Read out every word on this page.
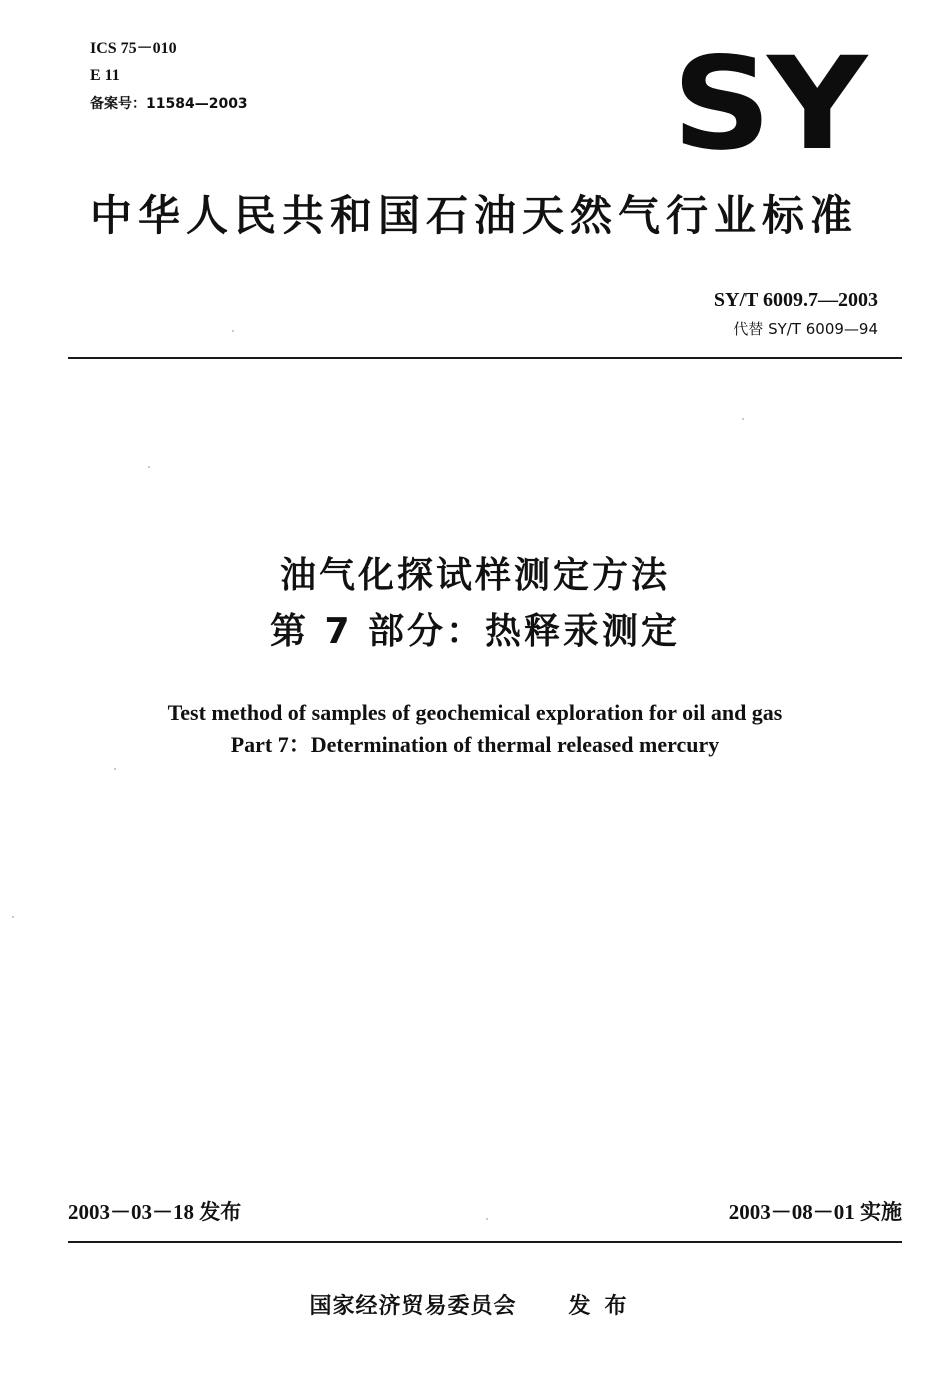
ICS 75－010
E 11
备案号：11584—2003	SY
中华人民共和国石油天然气行业标准
SY/T 6009.7—2003
代替 SY/T 6009—94
油气化探试样测定方法
第 7 部分：热释汞测定
Test method of samples of geochemical exploration for oil and gas
Part 7：Determination of thermal released mercury
2003－03－18 发布	2003－08－01 实施
国家经济贸易委员会 发布
